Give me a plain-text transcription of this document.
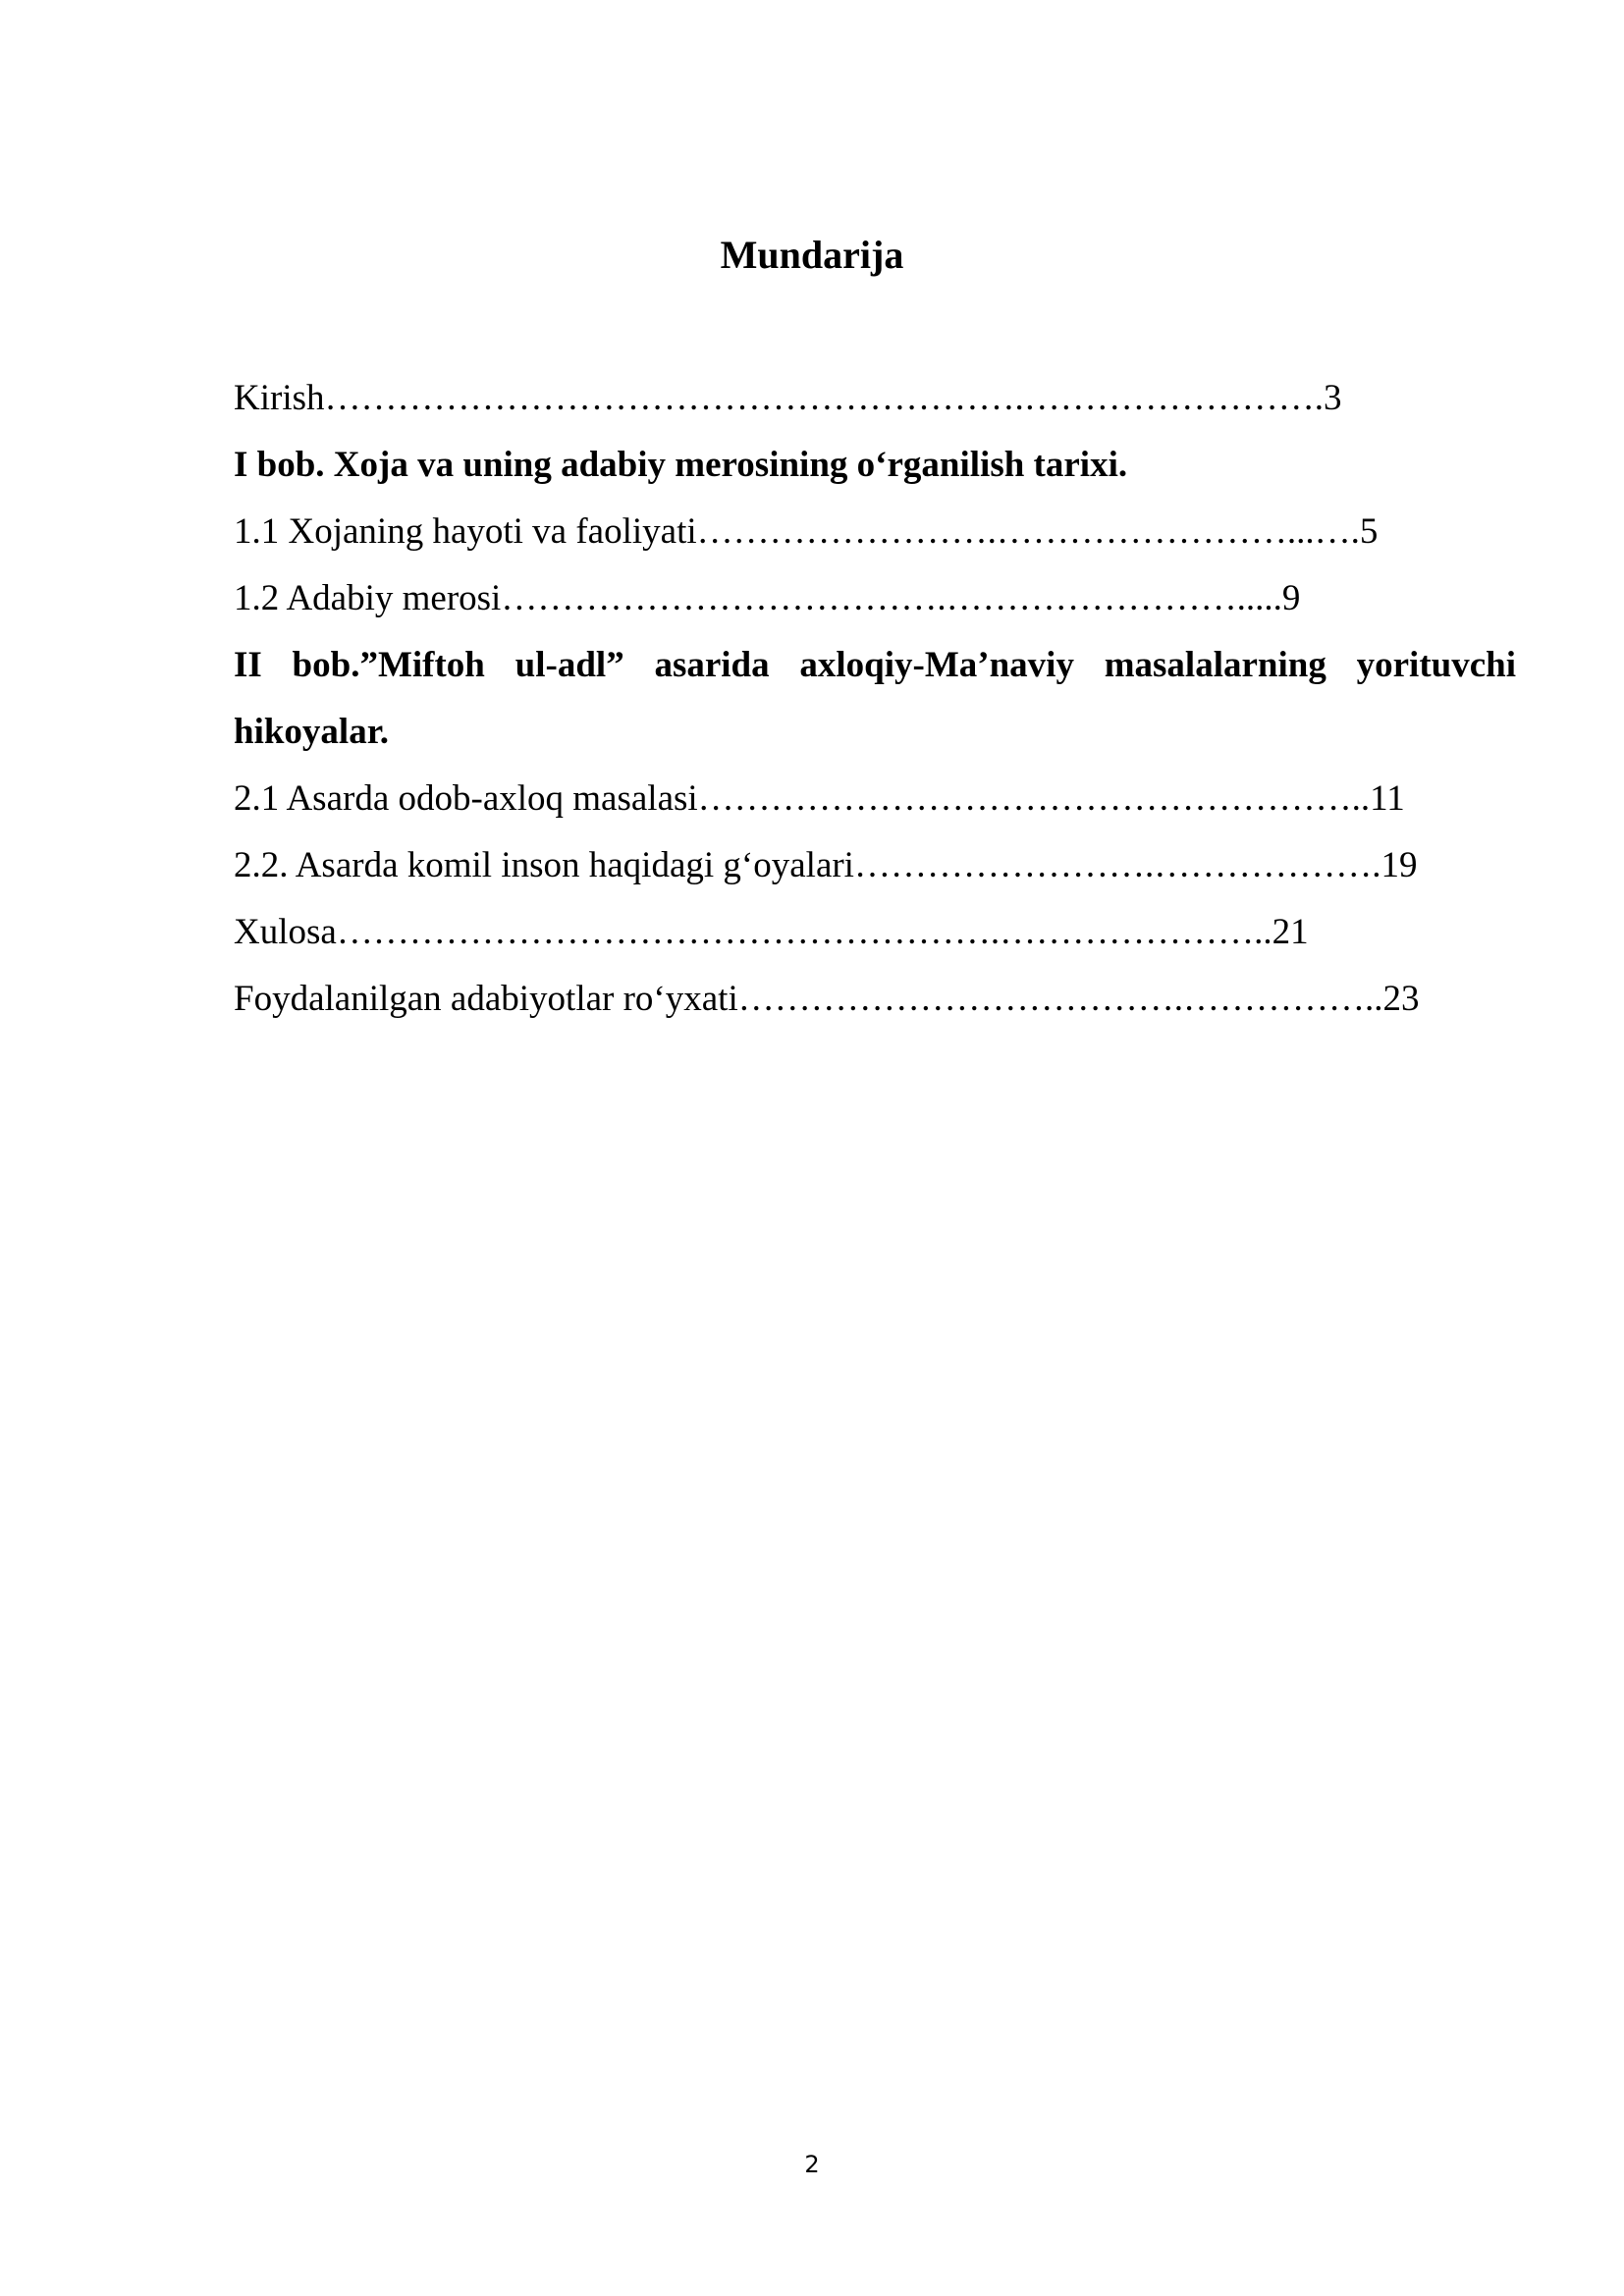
Mundarija
Kirish………………………………………………….…………………….3
I bob. Xoja va uning adabiy merosining o‘rganilish tarixi.
1.1 Xojaning hayoti va faoliyati…………………….……………………...….5
1.2 Adabiy merosi……………………………….…………………….....9
II bob.”Miftoh ul-adl” asarida axloqiy-Ma’naviy masalalarning yorituvchi
hikoyalar.
2.1 Asarda odob-axloq masalasi………………………………………………..11
2.2. Asarda komil inson haqidagi g‘oyalari…………………….……………….19
Xulosa……………………………………………….…………………..21
Foydalanilgan adabiyotlar ro‘yxati……………………………….……………..23
2
